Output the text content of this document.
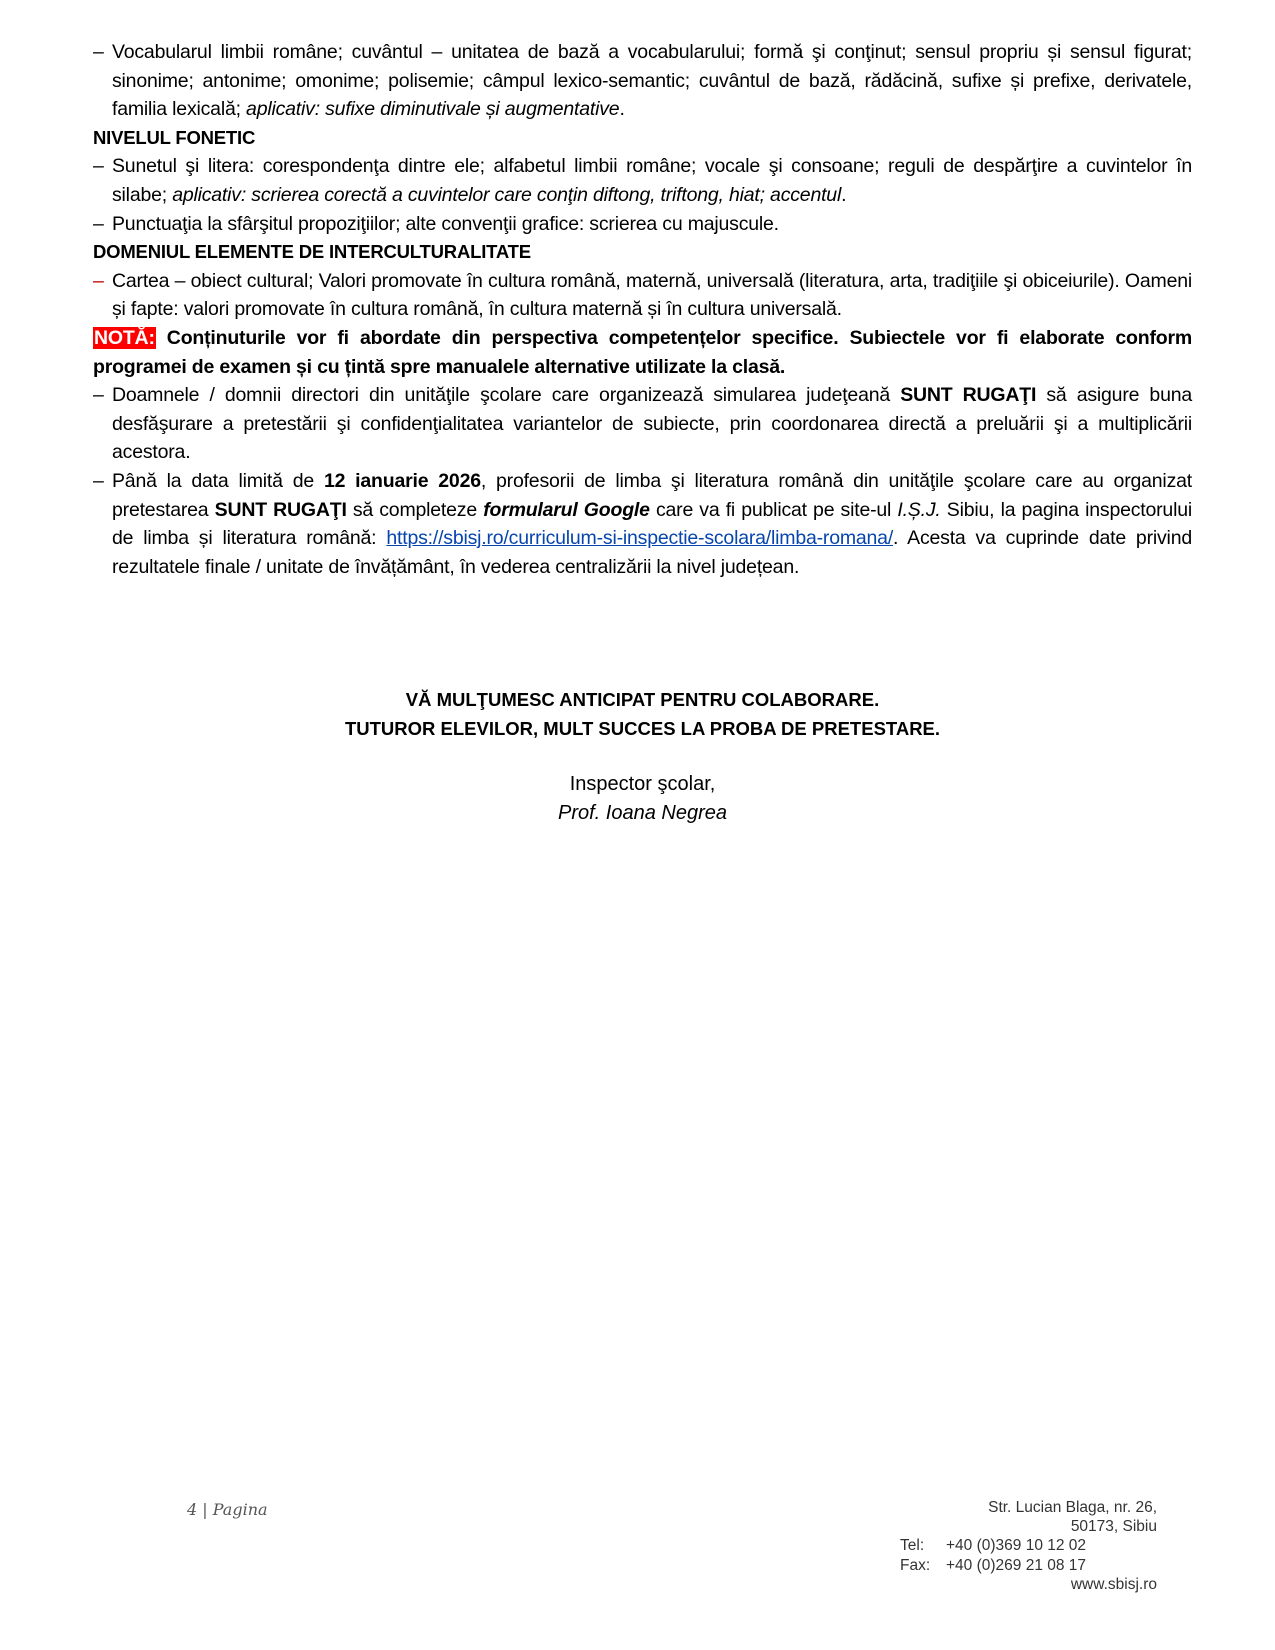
– Vocabularul limbii române; cuvântul – unitatea de bază a vocabularului; formă şi conţinut; sensul propriu și sensul figurat; sinonime; antonime; omonime; polisemie; câmpul lexico-semantic; cuvântul de bază, rădăcină, sufixe și prefixe, derivatele, familia lexicală; aplicativ: sufixe diminutivale și augmentative.
NIVELUL FONETIC
– Sunetul şi litera: corespondenţa dintre ele; alfabetul limbii române; vocale şi consoane; reguli de despărţire a cuvintelor în silabe; aplicativ: scrierea corectă a cuvintelor care conţin diftong, triftong, hiat; accentul.
– Punctuaţia la sfârşitul propoziţiilor; alte convenţii grafice: scrierea cu majuscule.
DOMENIUL ELEMENTE DE INTERCULTURALITATE
– Cartea – obiect cultural; Valori promovate în cultura română, maternă, universală (literatura, arta, tradiţiile şi obiceiurile). Oameni și fapte: valori promovate în cultura română, în cultura maternă și în cultura universală.
NOTĂ: Conținuturile vor fi abordate din perspectiva competențelor specifice. Subiectele vor fi elaborate conform programei de examen și cu țintă spre manualele alternative utilizate la clasă.
– Doamnele / domnii directori din unităţile şcolare care organizează simularea judeţeană SUNT RUGAŢI să asigure buna desfăşurare a pretestării şi confidenţialitatea variantelor de subiecte, prin coordonarea directă a preluării şi a multiplicării acestora.
– Până la data limită de 12 ianuarie 2026, profesorii de limba şi literatura română din unităţile şcolare care au organizat pretestarea SUNT RUGAŢI să completeze formularul Google care va fi publicat pe site-ul I.Ș.J. Sibiu, la pagina inspectorului de limba și literatura română: https://sbisj.ro/curriculum-si-inspectie-scolara/limba-romana/. Acesta va cuprinde date privind rezultatele finale / unitate de învățământ, în vederea centralizării la nivel județean.
VĂ MULŢUMESC ANTICIPAT PENTRU COLABORARE.
TUTUROR ELEVILOR, MULT SUCCES LA PROBA DE PRETESTARE.
Inspector şcolar,
Prof. Ioana Negrea
4 | Pagina	Str. Lucian Blaga, nr. 26,
50173, Sibiu
Tel:	+40 (0)369 10 12 02
Fax:	+40 (0)269 21 08 17
www.sbisj.ro
